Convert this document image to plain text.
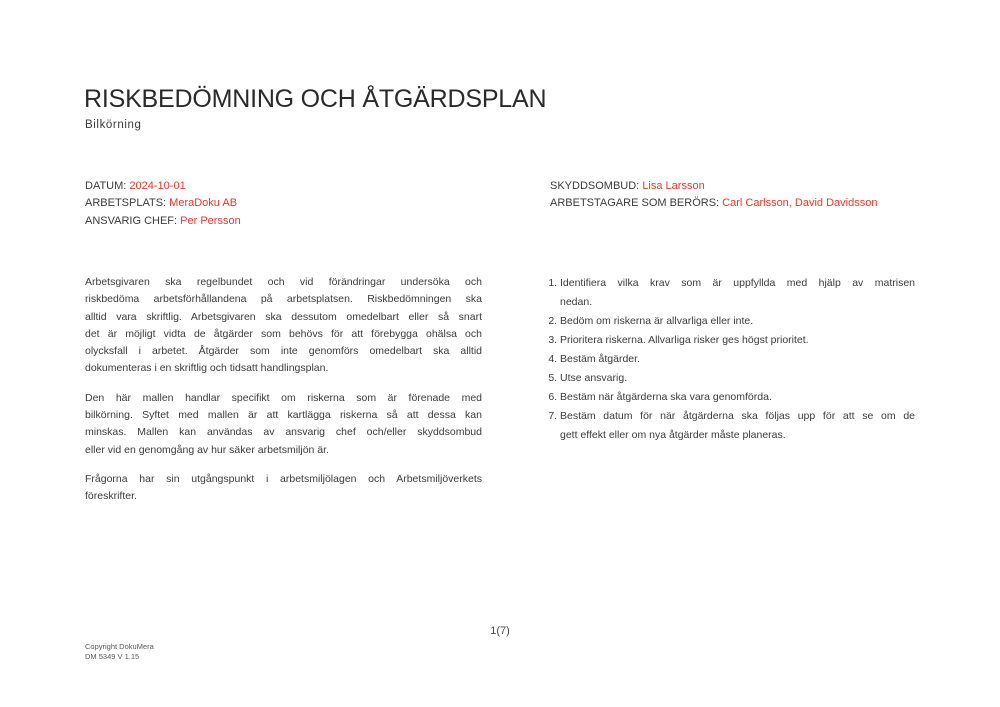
RISKBEDÖMNING OCH ÅTGÄRDSPLAN
Bilkörning
DATUM: 2024-10-01
ARBETSPLATS: MeraDoku AB
ANSVARIG CHEF: Per Persson
SKYDDSOMBUD: Lisa Larsson
ARBETSTAGARE SOM BERÖRS: Carl Carlsson, David Davidsson
Arbetsgivaren ska regelbundet och vid förändringar undersöka och
riskbedöma arbetsförhållandena på arbetsplatsen. Riskbedömningen ska
alltid vara skriftlig. Arbetsgivaren ska dessutom omedelbart eller så snart
det är möjligt vidta de åtgärder som behövs för att förebygga ohälsa och
olycksfall i arbetet. Åtgärder som inte genomförs omedelbart ska alltid
dokumenteras i en skriftlig och tidsatt handlingsplan.
Den här mallen handlar specifikt om riskerna som är förenade med
bilkörning. Syftet med mallen är att kartlägga riskerna så att dessa kan
minskas. Mallen kan användas av ansvarig chef och/eller skyddsombud
eller vid en genomgång av hur säker arbetsmiljön är.
Frågorna har sin utgångspunkt i arbetsmiljölagen och Arbetsmiljöverkets
föreskrifter.
1. Identifiera vilka krav som är uppfyllda med hjälp av matrisen
nedan.
2. Bedöm om riskerna är allvarliga eller inte.
3. Prioritera riskerna. Allvarliga risker ges högst prioritet.
4. Bestäm åtgärder.
5. Utse ansvarig.
6. Bestäm när åtgärderna ska vara genomförda.
7. Bestäm datum för när åtgärderna ska följas upp för att se om de
gett effekt eller om nya åtgärder måste planeras.
1(7)
Copyright DokuMera
DM 5349 V 1.15
